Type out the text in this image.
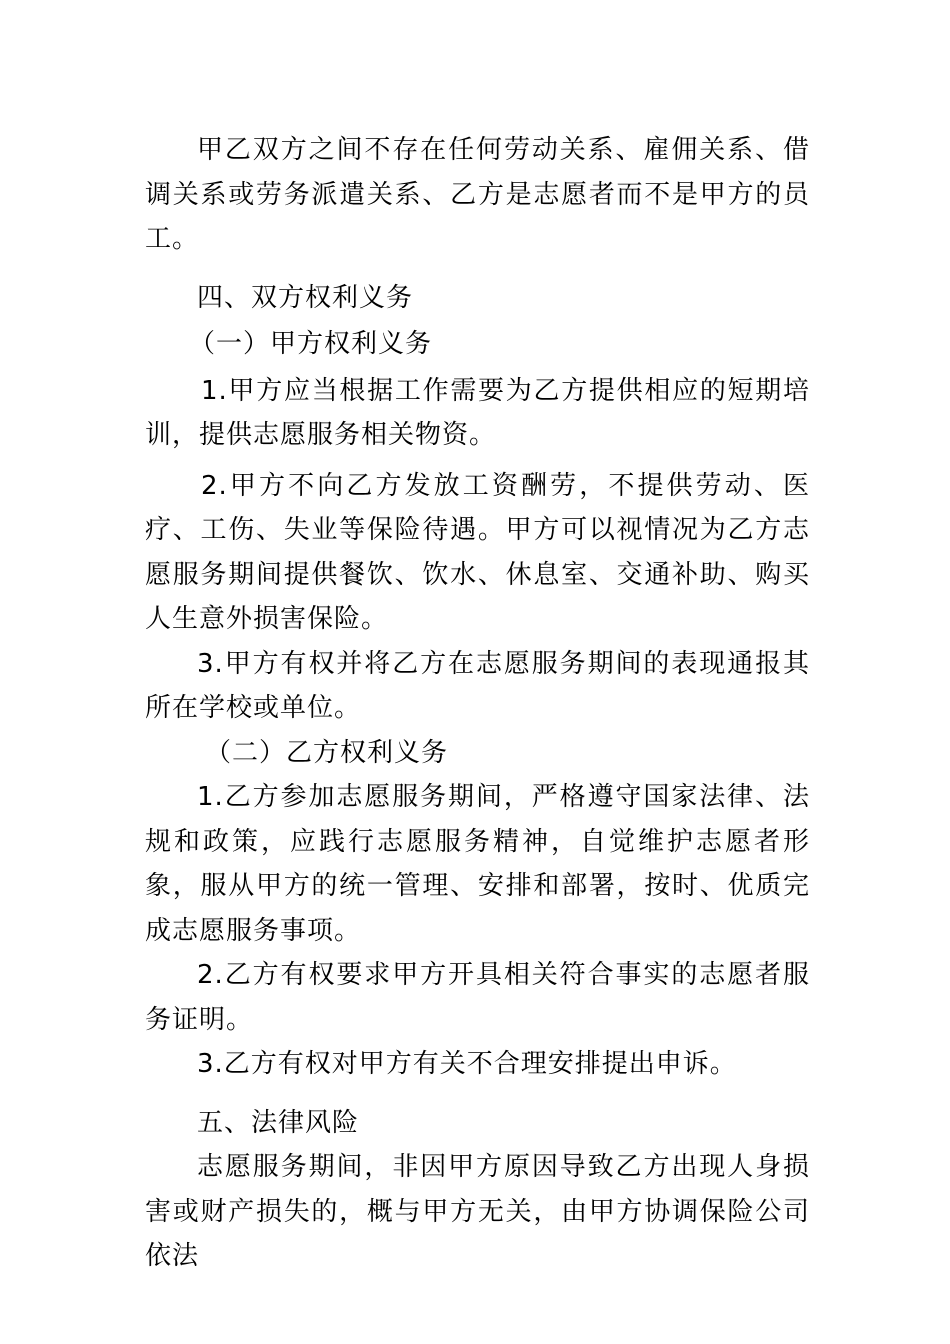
甲乙双方之间不存在任何劳动关系、雇佣关系、借调关系或劳务派遣关系、乙方是志愿者而不是甲方的员工。

四、双方权利义务

（一）甲方权利义务

1.甲方应当根据工作需要为乙方提供相应的短期培训，提供志愿服务相关物资。

2.甲方不向乙方发放工资酬劳，不提供劳动、医疗、工伤、失业等保险待遇。甲方可以视情况为乙方志愿服务期间提供餐饮、饮水、休息室、交通补助、购买人生意外损害保险。

3.甲方有权并将乙方在志愿服务期间的表现通报其所在学校或单位。

（二）乙方权利义务

1.乙方参加志愿服务期间，严格遵守国家法律、法规和政策，应践行志愿服务精神，自觉维护志愿者形象，服从甲方的统一管理、安排和部署，按时、优质完成志愿服务事项。

2.乙方有权要求甲方开具相关符合事实的志愿者服务证明。

3.乙方有权对甲方有关不合理安排提出申诉。

五、法律风险

志愿服务期间，非因甲方原因导致乙方出现人身损害或财产损失的，概与甲方无关，由甲方协调保险公司依法
